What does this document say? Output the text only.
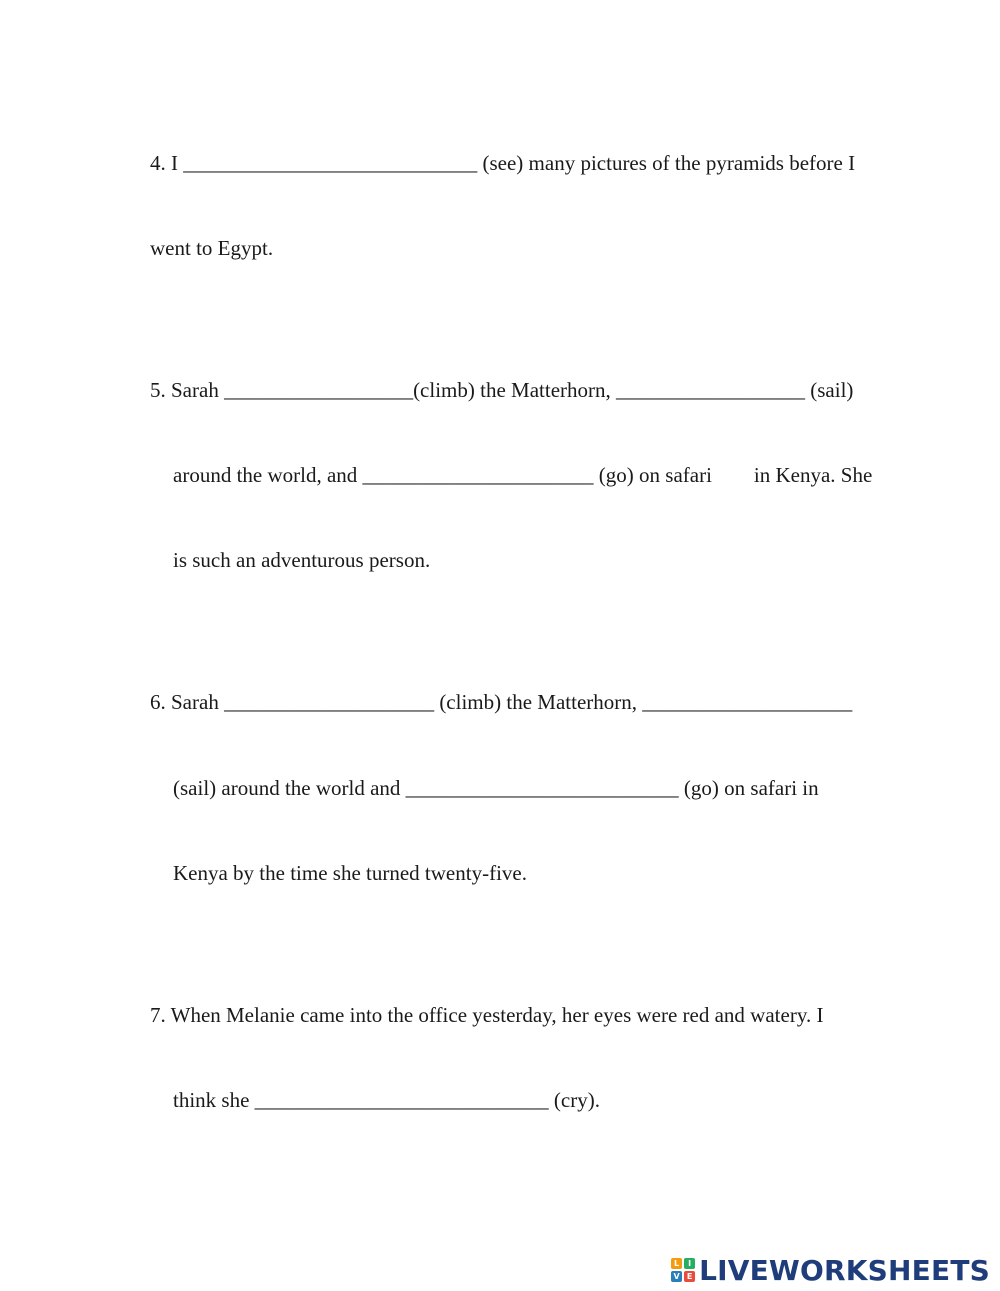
4. I ____________________________ (see) many pictures of the pyramids before I

went to Egypt.

5. Sarah __________________(climb) the Matterhorn, __________________ (sail)

around the world, and ______________________ (go) on safari        in Kenya. She

is such an adventurous person.

6. Sarah ____________________ (climb) the Matterhorn, ____________________

(sail) around the world and __________________________ (go) on safari in

Kenya by the time she turned twenty-five.

7. When Melanie came into the office yesterday, her eyes were red and watery. I

think she ____________________________ (cry).

L	I
V E LIVEWORKSHEETS
